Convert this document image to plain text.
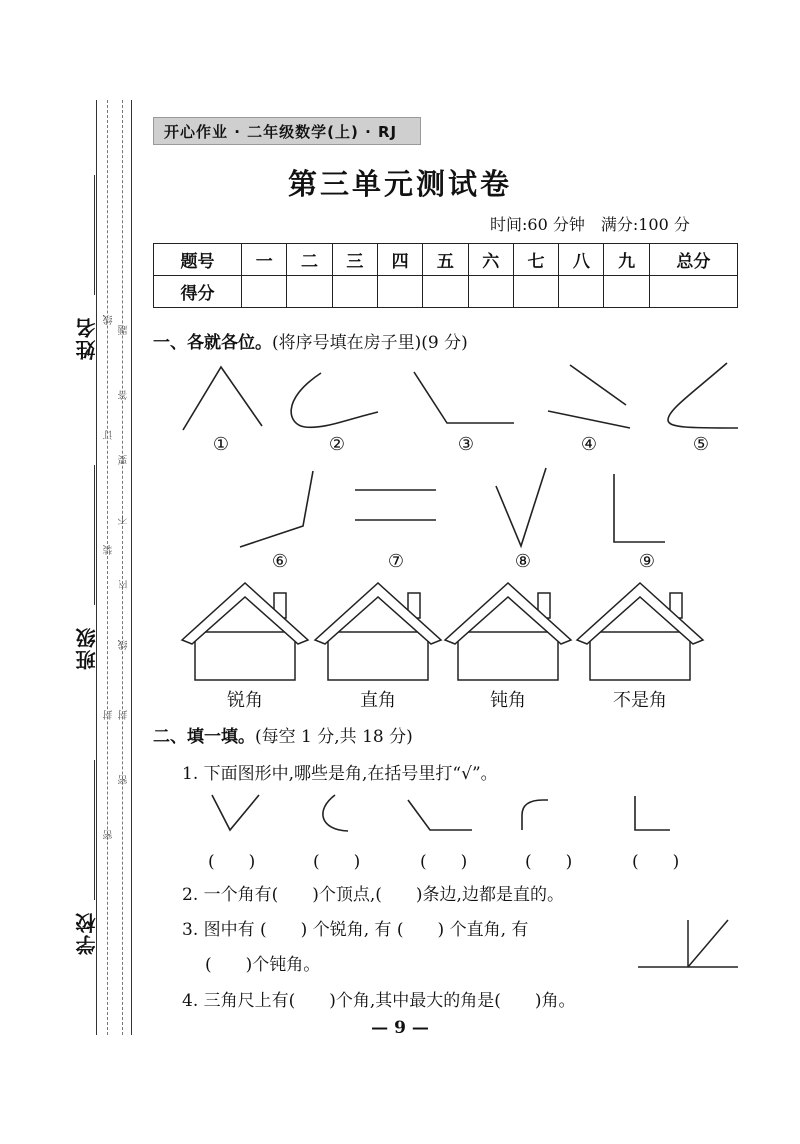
姓名
班级
学校
密
封
装
订
线
密
封
线
内
不
要
答
题
开心作业 · 二年级数学(上) · RJ
第三单元测试卷
时间:60 分钟　满分:100 分
题号	一	二	三	四	五	六	七	八	九	总分
得分										
一、各就各位。(将序号填在房子里)(9 分)
①	②	③	④	⑤
⑥	⑦	⑧	⑨
锐角	直角	钝角	不是角
二、填一填。(每空 1 分,共 18 分)
1. 下面图形中,哪些是角,在括号里打“√”。
(　　)	(　　)	(　　)	(　　)	(　　)
2. 一个角有(　　)个顶点,(　　)条边,边都是直的。
3. 图中有 (　　) 个锐角, 有 (　　) 个直角, 有
(　　)个钝角。
4. 三角尺上有(　　)个角,其中最大的角是(　　)角。
— 9 —
